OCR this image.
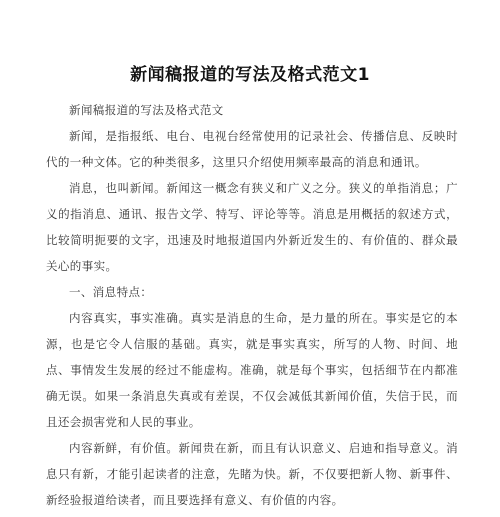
新闻稿报道的写法及格式范文1

新闻稿报道的写法及格式范文

新闻，是指报纸、电台、电视台经常使用的记录社会、传播信息、反映时代的一种文体。它的种类很多，这里只介绍使用频率最高的消息和通讯。

消息，也叫新闻。新闻这一概念有狭义和广义之分。狭义的单指消息；广义的指消息、通讯、报告文学、特写、评论等等。消息是用概括的叙述方式，比较简明扼要的文字，迅速及时地报道国内外新近发生的、有价值的、群众最关心的事实。

一、消息特点：

内容真实，事实准确。真实是消息的生命，是力量的所在。事实是它的本源，也是它令人信服的基础。真实，就是事实真实，所写的人物、时间、地点、事情发生发展的经过不能虚构。准确，就是每个事实，包括细节在内都准确无误。如果一条消息失真或有差误，不仅会减低其新闻价值，失信于民，而且还会损害党和人民的事业。

内容新鲜，有价值。新闻贵在新，而且有认识意义、启迪和指导意义。消息只有新，才能引起读者的注意，先睹为快。新，不仅要把新人物、新事件、新经验报道给读者，而且要选择有意义、有价值的内容。
